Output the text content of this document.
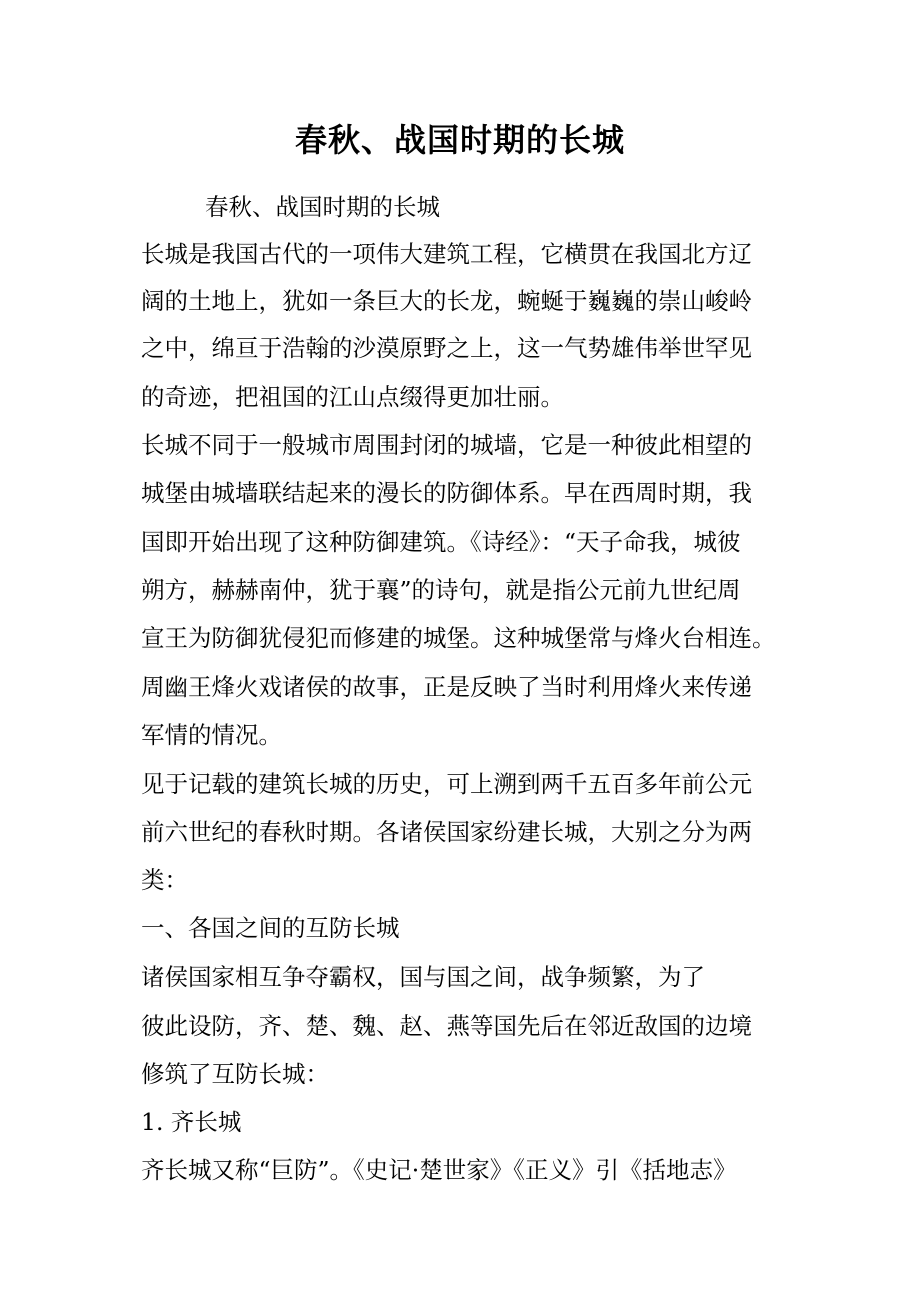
春秋、战国时期的长城

春秋、战国时期的长城

长城是我国古代的一项伟大建筑工程，它横贯在我国北方辽

阔的土地上，犹如一条巨大的长龙，蜿蜒于巍巍的崇山峻岭

之中，绵亘于浩翰的沙漠原野之上，这一气势雄伟举世罕见

的奇迹，把祖国的江山点缀得更加壮丽。

长城不同于一般城市周围封闭的城墙，它是一种彼此相望的

城堡由城墙联结起来的漫长的防御体系。早在西周时期，我

国即开始出现了这种防御建筑。《诗经》：“天子命我，城彼

朔方，赫赫南仲，犹于襄”的诗句，就是指公元前九世纪周

宣王为防御犹侵犯而修建的城堡。这种城堡常与烽火台相连。

周幽王烽火戏诸侯的故事，正是反映了当时利用烽火来传递

军情的情况。

见于记载的建筑长城的历史，可上溯到两千五百多年前公元

前六世纪的春秋时期。各诸侯国家纷建长城，大别之分为两

类：

一、各国之间的互防长城

诸侯国家相互争夺霸权，国与国之间，战争频繁，为了

彼此设防，齐、楚、魏、赵、燕等国先后在邻近敌国的边境

修筑了互防长城：

1. 齐长城

齐长城又称“巨防”。《史记·楚世家》《正义》引《括地志》
